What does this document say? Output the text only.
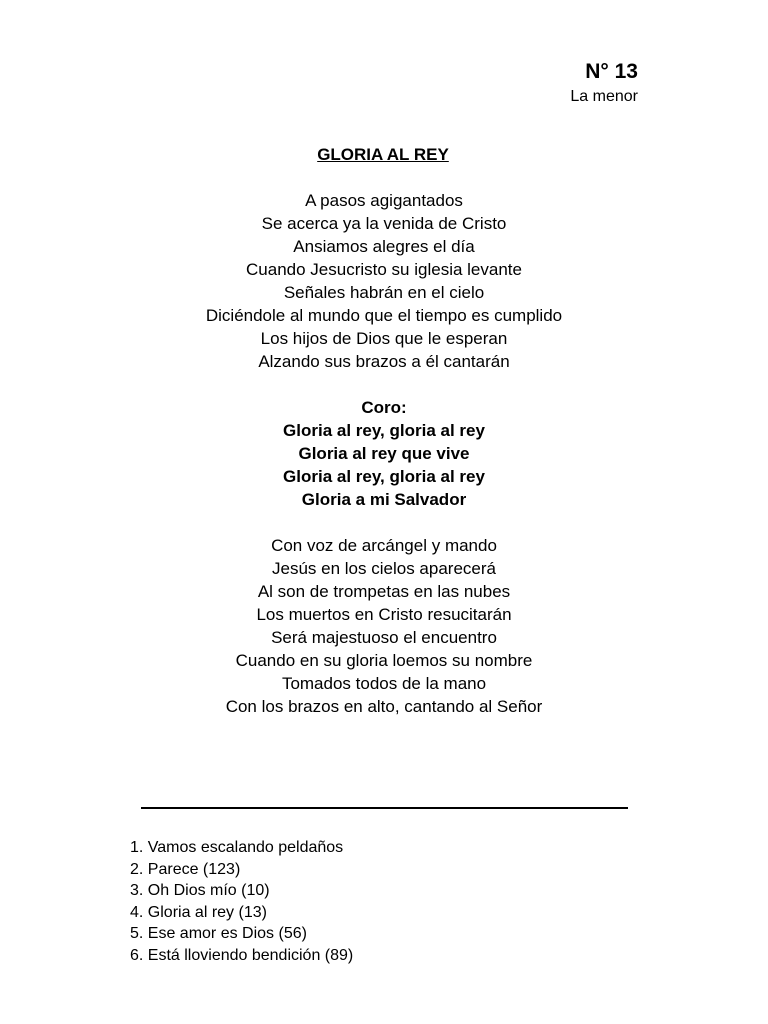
N° 13
La menor
GLORIA AL REY
A pasos agigantados
Se acerca ya la venida de Cristo
Ansiamos alegres el día
Cuando Jesucristo su iglesia levante
Señales habrán en el cielo
Diciéndole al mundo que el tiempo es cumplido
Los hijos de Dios que le esperan
Alzando sus brazos a él cantarán
Coro:
Gloria al rey, gloria al rey
Gloria al rey que vive
Gloria al rey, gloria al rey
Gloria a mi Salvador
Con voz de arcángel y mando
Jesús en los cielos aparecerá
Al son de trompetas en las nubes
Los muertos en Cristo resucitarán
Será majestuoso el encuentro
Cuando en su gloria loemos su nombre
Tomados todos de la mano
Con los brazos en alto, cantando al Señor
1. Vamos escalando peldaños
2. Parece (123)
3. Oh Dios mío (10)
4. Gloria al rey (13)
5. Ese amor es Dios (56)
6. Está lloviendo bendición (89)
